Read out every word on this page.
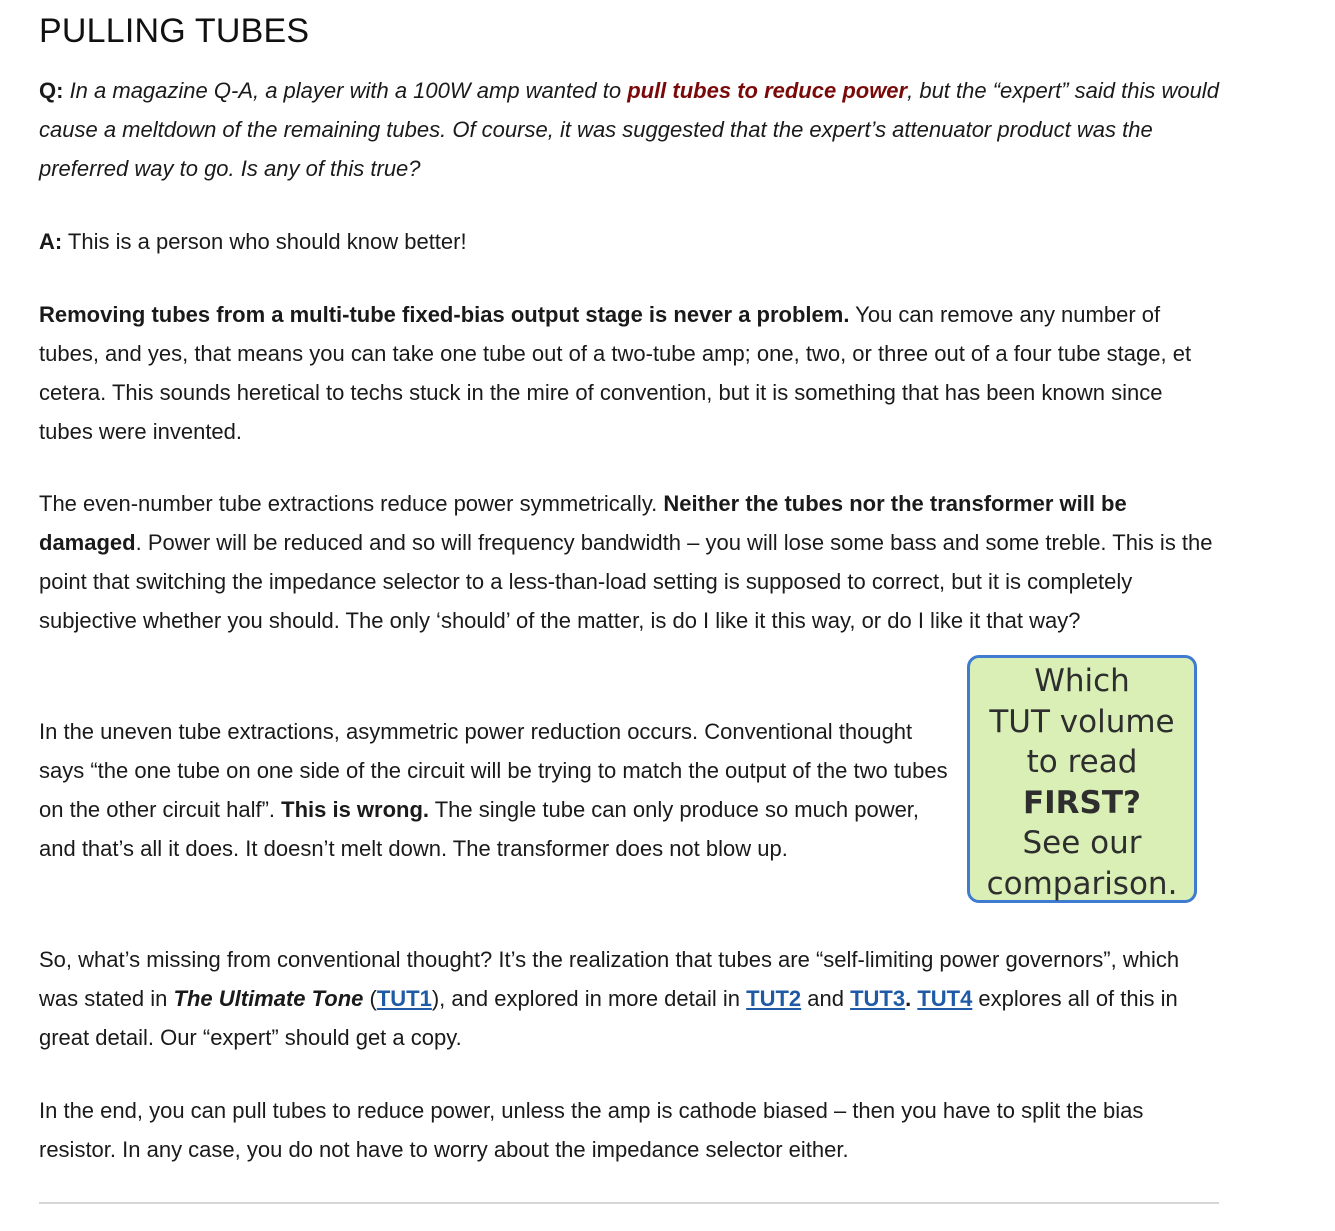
PULLING TUBES

Q: In a magazine Q-A, a player with a 100W amp wanted to pull tubes to reduce power, but the “expert” said this would cause a meltdown of the remaining tubes. Of course, it was suggested that the expert’s attenuator product was the preferred way to go. Is any of this true?

A: This is a person who should know better!

Removing tubes from a multi-tube fixed-bias output stage is never a problem. You can remove any number of tubes, and yes, that means you can take one tube out of a two-tube amp; one, two, or three out of a four tube stage, et cetera. This sounds heretical to techs stuck in the mire of convention, but it is something that has been known since tubes were invented.

The even-number tube extractions reduce power symmetrically. Neither the tubes nor the transformer will be damaged. Power will be reduced and so will frequency bandwidth – you will lose some bass and some treble. This is the point that switching the impedance selector to a less-than-load setting is supposed to correct, but it is completely subjective whether you should. The only ‘should’ of the matter, is do I like it this way, or do I like it that way?

In the uneven tube extractions, asymmetric power reduction occurs. Conventional thought says “the one tube on one side of the circuit will be trying to match the output of the two tubes on the other circuit half”. This is wrong. The single tube can only produce so much power, and that’s all it does. It doesn’t melt down. The transformer does not blow up.

So, what’s missing from conventional thought? It’s the realization that tubes are “self-limiting power governors”, which was stated in The Ultimate Tone (TUT1), and explored in more detail in TUT2 and TUT3. TUT4 explores all of this in great detail. Our “expert” should get a copy.

In the end, you can pull tubes to reduce power, unless the amp is cathode biased – then you have to split the bias resistor. In any case, you do not have to worry about the impedance selector either.

Which
TUT volume
to read
FIRST?
See our
comparison.
